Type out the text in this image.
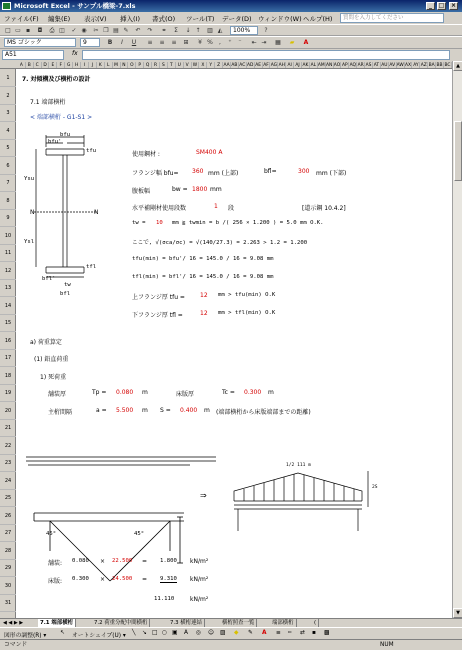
Microsoft Excel - サンプル橋梁-7.xls	_	□	×
ファイル(F) 編集(E) 表示(V) 挿入(I) 書式(O) ツール(T) データ(D) ウィンドウ(W) ヘルプ(H)	質問を入力してください
□ ▭ ▪	◘ ⎙ ◫ ✓ ◉ ✂ ❐ ▤ ✎ ↶ ↷ ⚭	Σ	↓ ↑ ▥ ◭	100%	?
MS ゴシック	9	B	I	U ≡ ≡ ≡ ⊞	¥ %	,	⁺	⁻	⇤ ⇥ ▦ ▰ A
A51	fx
A B C D E F G H I J K L M N O P Q R S T U V W X Y Z AA AB AC AD AE AF AG AH AI AJ AK AL AMAN AO AP AQ AR AS AT AU AV AWAX AY AZ BA BB BC
1
2
3
4
5
6
7
8
9
10
11
12
13
14
15
16
17
18
19
20
21
22
23
24
25
26
27
28
29
30
31
7. 対傾構及び横桁の設計
7.1 端部横桁
< 端部横桁 - G1-S1 >
bfu
bfu'
tfu
Ysu
Ysl
N	N
tfl
bfl'
tw
bfl
使用鋼材 :	SM400 A
フランジ幅 bfu= 360 mm (上部)	bfl=	300 mm (下部)
腹板幅	bw = 1800 mm
水平補剛材使用段数	1 段	[道示鋼 10.4.2]
tw = 10 mm ≧ twmin = b /( 256 × 1.200 ) = 5.0 mm O.K.
ここで, √(σca/σc) = √(140/27.3) = 2.263 > 1.2 = 1.200
tfu(min) = bfu'/ 16 = 145.0 / 16 = 9.08 mm
tfl(min) = bfl'/ 16 = 145.0 / 16 = 9.08 mm
上フランジ厚 tfu =	12 mm > tfu(min) O.K
下フランジ厚 tfl =	12 mm > tfl(min) O.K
a) 荷重算定
(1) 鉛直荷重
1) 死荷重
舗装厚	Tp = 0.080 m	床版厚	Tc = 0.300 m
主桁間隔	a = 5.500 m S = 0.400 m (端部横桁から床版端部までの距離)
45°	45°
⇒
1/2 111 m
2S
舗装: 0.080 × 22.500 = 1.800 kN/m²
床版: 0.300 × 24.500 = 9.310 kN/m²
11.110	kN/m²
▲
▼
◀ ◀ ▶ ▶	7.1 端部横桁	7.2 荷重分配中間横桁	7.3 横桁連結	横桁照査一覧	端部横桁	(
図形の調整(R) ▾ ↖ オートシェイプ(U) ▾ ╲ ↘ □ ○ ▣ A ◎ ☺ ▨ ◆ ✎ A ≡ ┅ ⇄ ▪ ▩
コマンド	NUM
